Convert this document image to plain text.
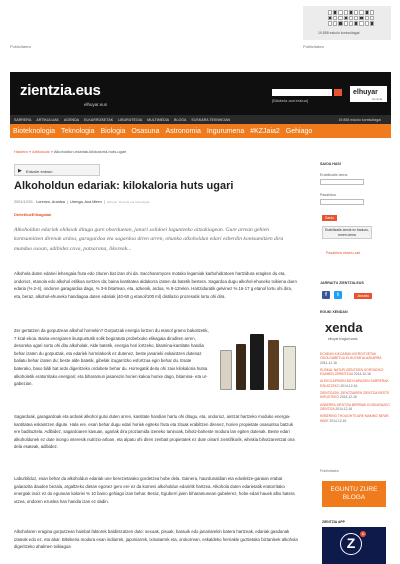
Publizitatea
19.858 eskolo kontsultagai
Publizitatea
zientzia.eus
elhuyar.eus
[Bilaketa aurreratua]
elhuyar
zientzia
SARRERA ARTIKULUAK AGENDA ELKARRIZKETAK LIBURUTEGIA MULTIMEDIA BLOGA EUSKARA TEKNIKOAN	19.858 eskolo kontsultagai
Bioteknologia Teknologia Biologia Osasuna Astronomia Ingurumena #KZJaia2 Gehiago
Hasiera » Artikuluak » Alkoholdun-edariak-kilokaloria-huts-ugari
▶ Entzule entzun
Alkoholdun edariak: kilokaloria huts ugari
2001/12/01 Lorenzo, Arantza  |  Urenga, Ana Miren  |  Elhuyar. Zientzia eta Teknologia
Dietetika/Elikagaiak

Alkoholdun edariak ohikoak ditugu gure ohorduetan, janari solidoei laguntzeko aitzakiagean. Gure artean gehien kontsumitzen direnak ardoa, garagardoa eta sagardoa diren arren, ohunka alkoholdun edari ezberdin kontsumitzen dira munduo osoan, adibidez cava, patxarana, likoreak...

Alkohola duten edariei lehengaia fruta edo zituren bat izan ohi da. Saccharomyces motako legamiak karbohidratoen hartzidura eragiten du eta, ondorioz, etanola edo alkohol etilikoa sortzen da; baina kantitatea aldakorra izaten da batetik bestera. Sagardoa dugu alkohol-ehuneko txikiena duen edaria (% 2-4), ondoren garagardoa dago, % 3-6 bitartean, eta, azkenik, ardoa, % 9-12rekin. Hartziduratik gelvinez % 16-17 g etanol lortu ohi dira, eta, beraz, alkohol-ehuneko handiagoa duten edariak (40-60 g etanol/100 ml) distilazio prozesutik lortu ohi dira.

Zer gertatzen da gorputzean alkohol hornekin? Gorputzak energia lortzen du etanol gramo bakoitzetik, 7 kcal-ekoa. Baina energiaren ikuspuntutik solik begiratuta probetxuko elikagaia diruditen arren, desoreka ugari sortu ohi ditu alkoholak. Alde batetik, energia hori lortzeko, bitamina-kantitate handia behar izaten du gorputzak, eta edariek horrelakorik ez dutenez, beste janarieki eskaintzen dutenaz baliatu behar izaten du; beste alde batetik, gibelak izugarrizko esfortzua egin behar du. Esate baterako, baso bildi bat ardo digeritzeko ordubete behar du. Horregatik deitu ohi zaio kilokaloria hutsa alkoholetik eratorritako energiari; eta biharamun jasanezin horien kakoa horixe dago, bitamina- eta ur-gabezian.

Sagardoak, garagardoak eta ardoak alkohol gutxi duten arren, kantitate handian hartu ohi ditugu, eta, ondorioz, aintzat hartzeko moduko energia-kantitatea eskaintzen digute. Hala ere, esan behar dugu edari horiek egiteko fruta eta zituak erabiltzen direnez, horien propietate osasuntsu batzuk ere badituztela. Adibidez, sagardoaren kasuan, ugariak dira proziamida izeneko taninoak, bihotz-baheste modura lan egiten dutenak. Beste edari alkoholdunek ez dute inongo interesik nutrizio-arloan, eta alpatu ohi diren zenbait propietatek ez dute oinarri zientifikorik, whiskia bihotzarentzat ona dela esateak, adibidez.

Laburbilduz, esan behar da alkoholdun edariak une berezietarako gordetzea hobe dela. Gainera, haurdunaldian eta edoskitze-garaian erabat gaiarazita dauden bezala, argaltzeko dietan egonez gero ere ez da komeni alkoholdun edariritk hartzea. Alkohola duten edarietatik eratorritako energiak inoiz ez du egunean kaloriei % 10 baino gehiago izan behar. Beraz, Eguberri jaien biharamunean gubelerez, hobe edari hauek albo batera utzea, ondoren ezuslea han handia izan ez dadin.

Alkoholaren eragina gorputzean hainbat faktorek baldintzatzen dute: sexuak, pisuak, barauik edo janariarekin batera hartzeak, edariak gasdunak izateak edo ez, eta abar. Bitsikeria modura esan indiarrek, japoniarrek, txinatarrek eta, orokorrean, eskaldeko herriakle guztietako biztanleek alkohola digeritzeko ahalmen txikiagoa

SAIOA HASI
Erabiltzaile-izena
Pasahitza
Sartu
Erabiltzaile-izenik ez baduzu, emen izena
Pasahitza ahaztu zait
JARRAITU ZIENTZIA.EUS
f	t	Jarraitu
EGUKI XENDAN
xenda
elhuyar bloglari saria
ECHEAN KIKOARAK IKERGITXETAK ODOLGABETUA ELHUYAR ALAZKARRA 2014-12-16
EUSKAL NATUR-ZIENTZIEN KORONOKO ESAMEN ZERBITZUA 2014-12-16
IA EKOLAPIKIEN BIZI KAPAZIEN SARRERAK ESKATZEKO 2014-12-16
ZIENTZIATIK ZIENTZIAREN ZIENTZIA BESTE KIRUSTEKO 2014-12-16
ASBERRA ZIENTZIA BERRIAK EUSKARAZKO ZIENTZIA 2014-12-16
KEBERING THOUGHTS ARE MAKING NEWS WIDE 2014-12-16
Publizitatea
EGUNTU ZURE BLOGA
ZIENTZIA APP
Z
A
